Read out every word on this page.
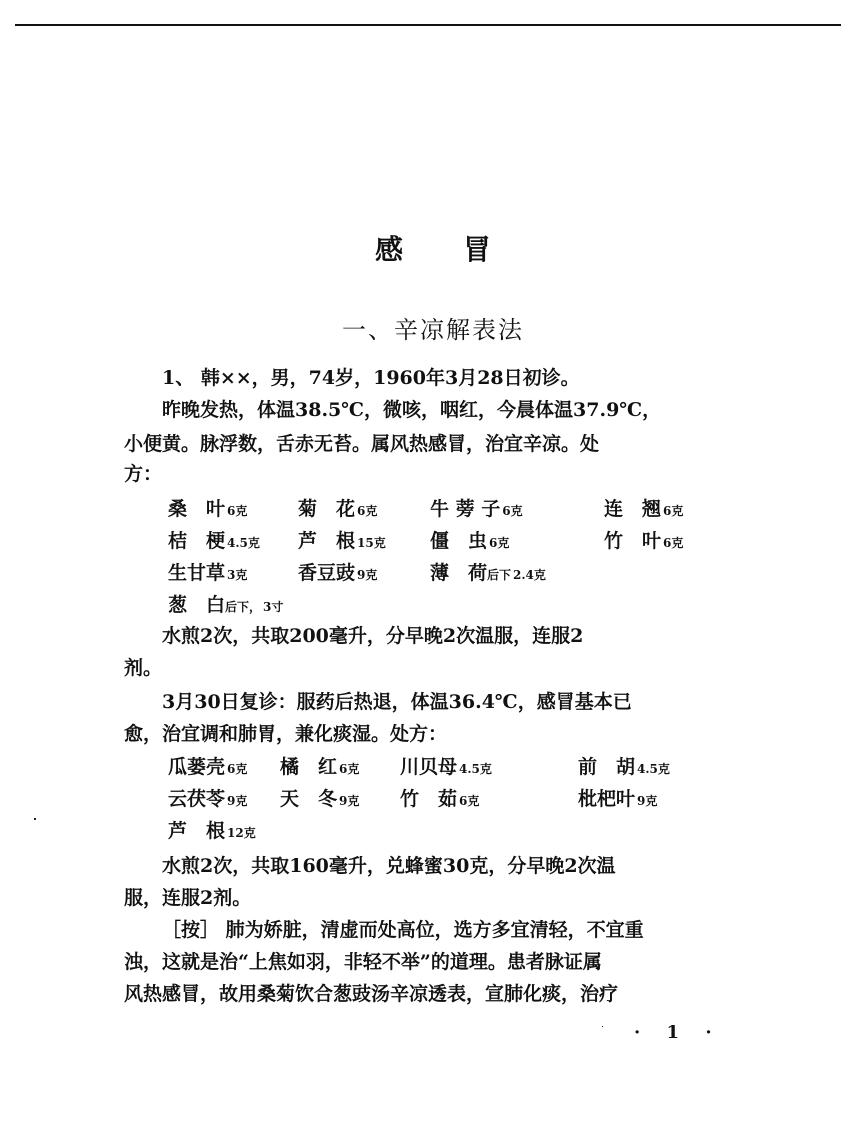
感 冒
一、辛凉解表法
1、 韩××，男，74岁，1960年3月28日初诊。
昨晚发热，体温38.5℃，微咳，咽红，今晨体温37.9℃，
小便黄。脉浮数，舌赤无苔。属风热感冒，治宜辛凉。处
方：
桑　叶 6克	菊　花 6克	牛 蒡 子 6克	连　翘 6克
桔　梗 4.5克 芦　根 15克 僵　虫 6克	竹　叶 6克
生甘草 3克	香豆豉 9克	薄　荷后下 2.4克
葱　白后下， 3寸
水煎2次，共取200毫升，分早晚2次温服，连服2
剂。
3月30日复诊：服药后热退，体温36.4℃，感冒基本已
愈，治宜调和肺胃，兼化痰湿。处方：
瓜蒌壳 6克 橘　红 6克 川贝母 4.5克	前　胡 4.5克
云茯苓 9克 天　冬 9克 竹　茹 6克	枇杷叶 9克
芦　根 12克
水煎2次，共取160毫升，兑蜂蜜30克，分早晚2次温
服，连服2剂。
［按］ 肺为娇脏，清虚而处高位，选方多宜清轻，不宜重
浊，这就是治“上焦如羽，非轻不举”的道理。患者脉证属
风热感冒，故用桑菊饮合葱豉汤辛凉透表，宣肺化痰，治疗
· 1 ·
